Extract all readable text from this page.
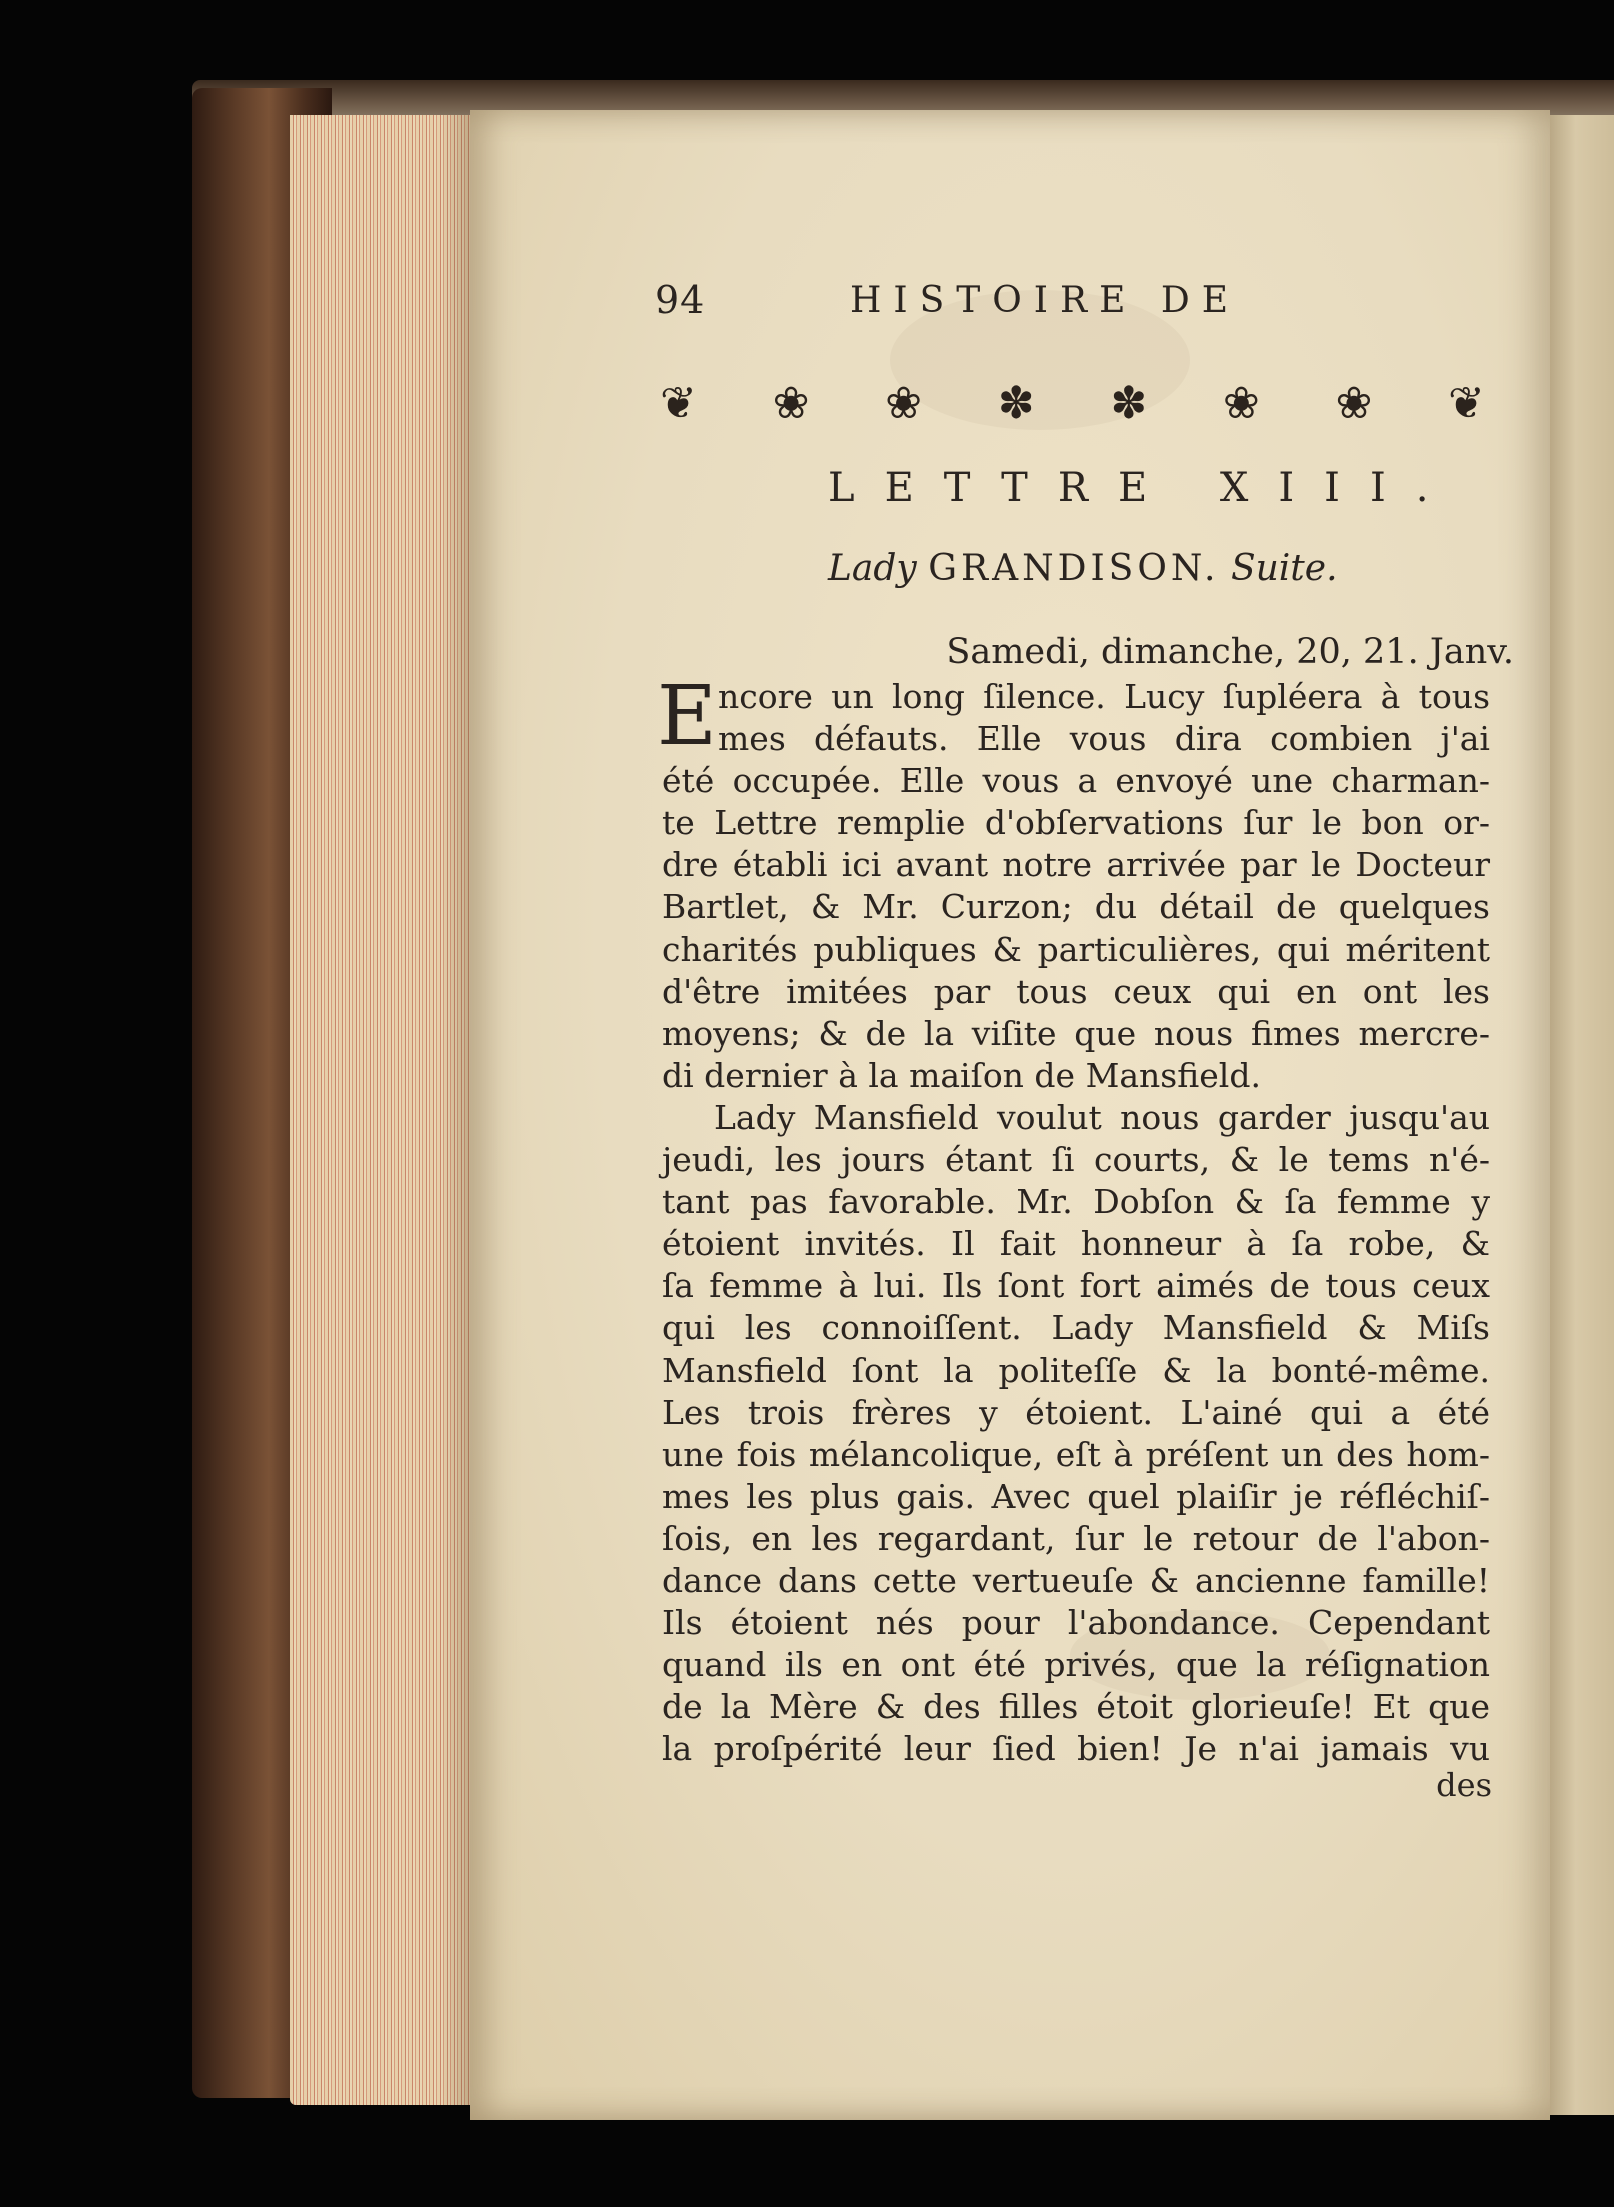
94	HISTOIRE DE
❦ ❀ ❀ ✽ ✽ ❀ ❀ ❦
LETTRE XIII.
Lady GRANDISON. Suite.
Samedi, dimanche, 20, 21. Janv.
E ncore un long ſilence. Lucy ſupléera à tous
mes défauts. Elle vous dira combien j'ai
été occupée. Elle vous a envoyé une charman-
te Lettre remplie d'obſervations ſur le bon or-
dre établi ici avant notre arrivée par le Docteur
Bartlet, & Mr. Curzon; du détail de quelques
charités publiques & particulières, qui méritent
d'être imitées par tous ceux qui en ont les
moyens; & de la viſite que nous fimes mercre-
di dernier à la maiſon de Mansfield.
Lady Mansfield voulut nous garder jusqu'au
jeudi, les jours étant ſi courts, & le tems n'é-
tant pas favorable. Mr. Dobſon & ſa femme y
étoient invités. Il fait honneur à ſa robe, &
ſa femme à lui. Ils ſont fort aimés de tous ceux
qui les connoiſſent. Lady Mansfield & Miſs
Mansfield ſont la politeſſe & la bonté-même.
Les trois frères y étoient. L'ainé qui a été
une fois mélancolique, eſt à préſent un des hom-
mes les plus gais. Avec quel plaiſir je réfléchiſ-
ſois, en les regardant, ſur le retour de l'abon-
dance dans cette vertueuſe & ancienne famille!
Ils étoient nés pour l'abondance. Cependant
quand ils en ont été privés, que la réſignation
de la Mère & des filles étoit glorieuſe! Et que
la proſpérité leur ſied bien! Je n'ai jamais vu
des
